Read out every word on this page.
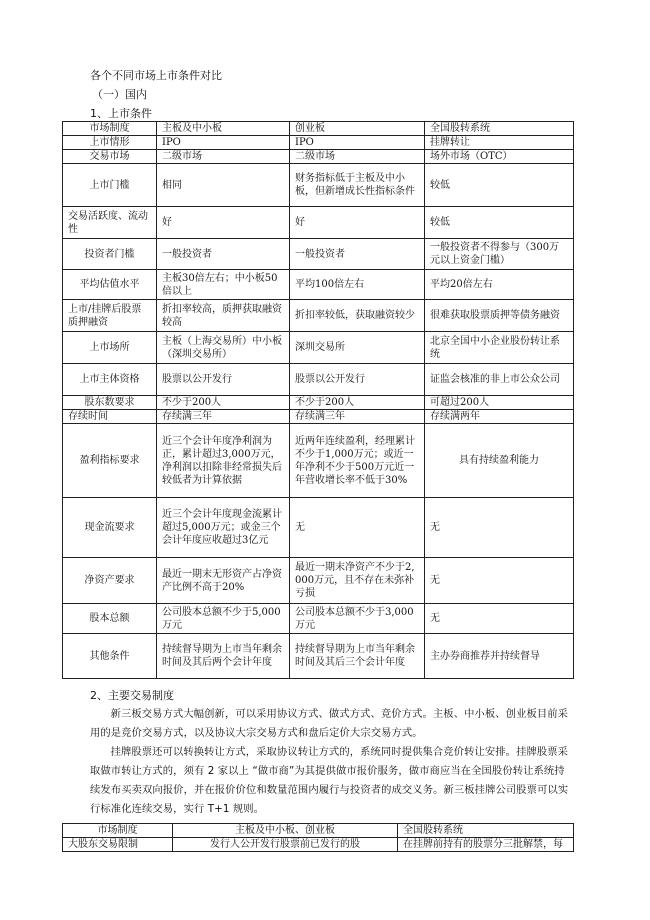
各个不同市场上市条件对比
（一）国内
1、上市条件
市场制度	主板及中小板	创业板	全国股转系统
上市情形	IPO	IPO	挂牌转让
交易市场	二级市场	二级市场	场外市场（OTC）
上市门槛	相同	财务指标低于主板及中小板，但新增成长性指标条件	较低
交易活跃度、流动性	好	好	较低
投资者门槛	一般投资者	一般投资者	一般投资者不得参与（300万元以上资金门槛）
平均估值水平	主板30倍左右；中小板50倍以上	平均100倍左右	平均20倍左右
上市/挂牌后股票质押融资	折扣率较高，质押获取融资较高	折扣率较低，获取融资较少	很难获取股票质押等债务融资
上市场所	主板（上海交易所）中小板（深圳交易所）	深圳交易所	北京全国中小企业股份转让系统
上市主体资格	股票以公开发行	股票以公开发行	证监会核准的非上市公众公司
股东数要求	不少于200人	不少于200人	可超过200人
存续时间	存续满三年	存续满三年	存续满两年
盈利指标要求	近三个会计年度净利润为正，累计超过3,000万元，净利润以扣除非经常损失后较低者为计算依据	近两年连续盈利，经理累计不少于1,000万元；或近一年净利不少于500万元近一年营收增长率不低于30%	具有持续盈利能力
现金流要求	近三个会计年度现金流累计超过5,000万元；或金三个会计年度应收超过3亿元	无	无
净资产要求	最近一期末无形资产占净资产比例不高于20%	最近一期末净资产不少于2,000万元，且不存在未弥补亏损	无
股本总额	公司股本总额不少于5,000万元	公司股本总额不少于3,000万元	无
其他条件	持续督导期为上市当年剩余时间及其后两个会计年度	持续督导期为上市当年剩余时间及其后三个会计年度	主办券商推荐并持续督导
2、主要交易制度

新三板交易方式大幅创新，可以采用协议方式、做式方式、竞价方式。主板、中小板、创业板目前采用的是竞价交易方式，以及协议大宗交易方式和盘后定价大宗交易方式。

挂牌股票还可以转换转让方式，采取协议转让方式的，系统同时提供集合竞价转让安排。挂牌股票采取做市转让方式的，须有 2 家以上 “做市商”为其提供做市报价服务，做市商应当在全国股份转让系统持续发布买卖双向报价，并在报价价位和数量范围内履行与投资者的成交义务。新三板挂牌公司股票可以实行标准化连续交易，实行 T+1 规则。

市场制度	主板及中小板、创业板	全国股转系统
大股东交易限制	发行人公开发行股票前已发行的股	在挂牌前持有的股票分三批解禁，每
